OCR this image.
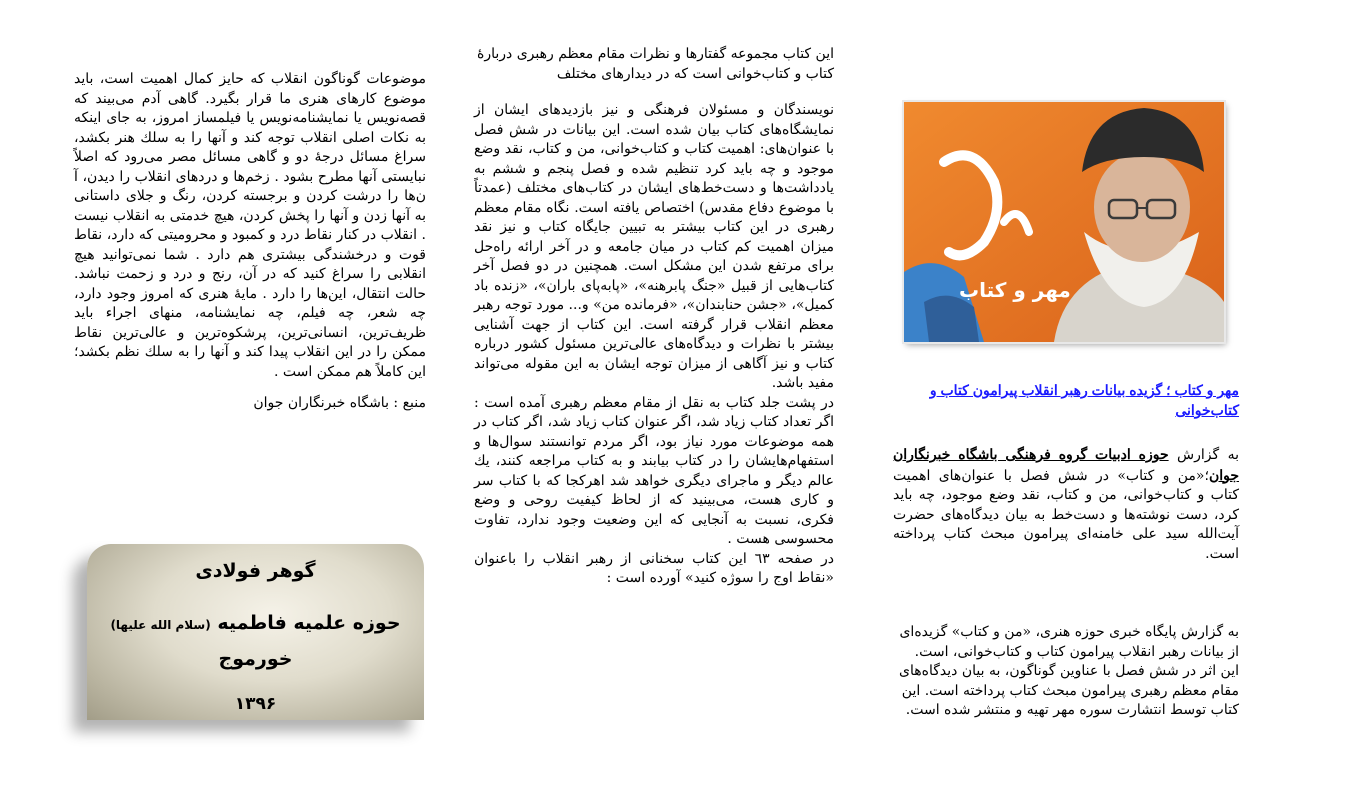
مهر و کتاب
مهر و کتاب ؛ گزیده بیانات رهبر انقلاب پیرامون کتاب و کتاب‌خوانی

به گزارش حوزه ادبیات گروه فرهنگی باشگاه خبرنگاران جوان؛«من و کتاب» در شش فصل با عنوان‌های اهمیت کتاب و کتاب‌خوانی، من و کتاب، نقد وضع موجود، چه باید کرد، دست نوشته‌ها و دست‌خط به بیان دیدگاه‌های حضرت آیت‌الله سید علی خامنه‌ای پیرامون مبحث کتاب پرداخته است.

به گزارش پایگاه خبری حوزه هنری، «من و کتاب» گزیده‌ای از بیانات رهبر انقلاب پیرامون کتاب و کتاب‌خوانی، است. این اثر در شش فصل با عناوین گوناگون، به بیان دیدگاه‌های مقام معظم رهبری پیرامون مبحث کتاب پرداخته است. این کتاب توسط انتشارت سوره مهر تهیه و منتشر شده است.

این کتاب مجموعه گفتارها و نظرات مقام معظم رهبری دربارهٔ کتاب و کتاب‌خوانی است که در دیدارهای مختلف

نویسندگان و مسئولان فرهنگی و نیز بازدیدهای ایشان از نمایشگاه‌های کتاب بیان شده است. این بیانات در شش فصل با عنوان‌های: اهمیت کتاب و کتاب‌خوانی، من و کتاب، نقد وضع موجود و چه باید کرد تنظیم شده و فصل پنجم و ششم به یادداشت‌ها و دست‌خط‌های ایشان در کتاب‌های مختلف (عمدتاً با موضوع دفاع مقدس) اختصاص یافته است. نگاه مقام معظم رهبری در این کتاب بیشتر به تبیین جایگاه کتاب و نیز نقد میزان اهمیت کم کتاب در میان جامعه و در آخر ارائه راه‌حل برای مرتفع شدن این مشکل است. همچنین در دو فصل آخر کتاب‌هایی از قبیل «جنگ پابرهنه»، «پابه‌پای باران»، «زنده باد کمیل»، «جشن حنابندان»، «فرمانده من» و... مورد توجه رهبر معظم انقلاب قرار گرفته است. این کتاب از جهت آشنایی بیشتر با نظرات و دیدگاه‌های عالی‌ترین مسئول کشور درباره کتاب و نیز آگاهی از میزان توجه ایشان به این مقوله می‌تواند مفید باشد.

در پشت جلد کتاب به نقل از مقام معظم رهبری آمده است : اگر تعداد کتاب زیاد شد، اگر عنوان کتاب زیاد شد، اگر کتاب در همه موضوعات مورد نیاز بود، اگر مردم توانستند سوال‌ها و استفهام‌هایشان را در کتاب بیابند و به کتاب مراجعه کنند، یك عالم دیگر و ماجرای دیگری خواهد شد ‌اهرکجا که با کتاب سر و کاری هست، می‌بینید که از لحاظ کیفیت روحی و وضع فکری، نسبت به آنجایی که این وضعیت وجود ندارد، تفاوت محسوسی هست .

در صفحه ٦٣ این کتاب سخنانی از رهبر انقلاب را باعنوان «نقاط اوج را سوژه کنید» آورده است :

موضوعات گوناگون انقلاب که حایز کمال اهمیت است، باید موضوع کارهای هنری ما قرار بگیرد. گاهی آدم می‌بیند که قصه‌نویس یا نمایشنامه‌نویس یا فیلمساز امروز، به جای اینکه به نکات اصلی انقلاب توجه کند و آنها را به سلك هنر بکشد، سراغ مسائل درجهٔ دو و گاهی مسائل مصر می‌رود که اصلاً نبایستی آنها مطرح بشود . زخم‌ها و دردهای انقلاب را دیدن، آ ن‌ها را درشت کردن و برجسته کردن، رنگ و جلای داستانی به آنها زدن و آنها را پخش کردن، هیچ خدمتی به انقلاب نیست . انقلاب در کنار نقاط درد و کمبود و محرومیتی که دارد، نقاط قوت و درخشندگی بیشتری هم دارد . شما نمی‌توانید هیچ انقلابی را سراغ کنید که در آن، رنج و درد و زحمت نباشد. حالت انتقال، این‌ها را دارد . مایهٔ هنری که امروز وجود دارد، چه شعر، چه فیلم، چه نمایشنامه، منهای اجراء باید ظریف‌ترین، انسانی‌ترین، پرشکوه‌ترین و عالی‌ترین نقاط ممکن را در این انقلاب پیدا کند و آنها را به سلك نظم بکشد؛ این کاملاً هم ممکن است .

منبع : باشگاه خبرنگاران جوان

گوهر فولادی
حوزه علمیه فاطمیه (سلام الله علیها)
خورموج
۱۳۹۶
